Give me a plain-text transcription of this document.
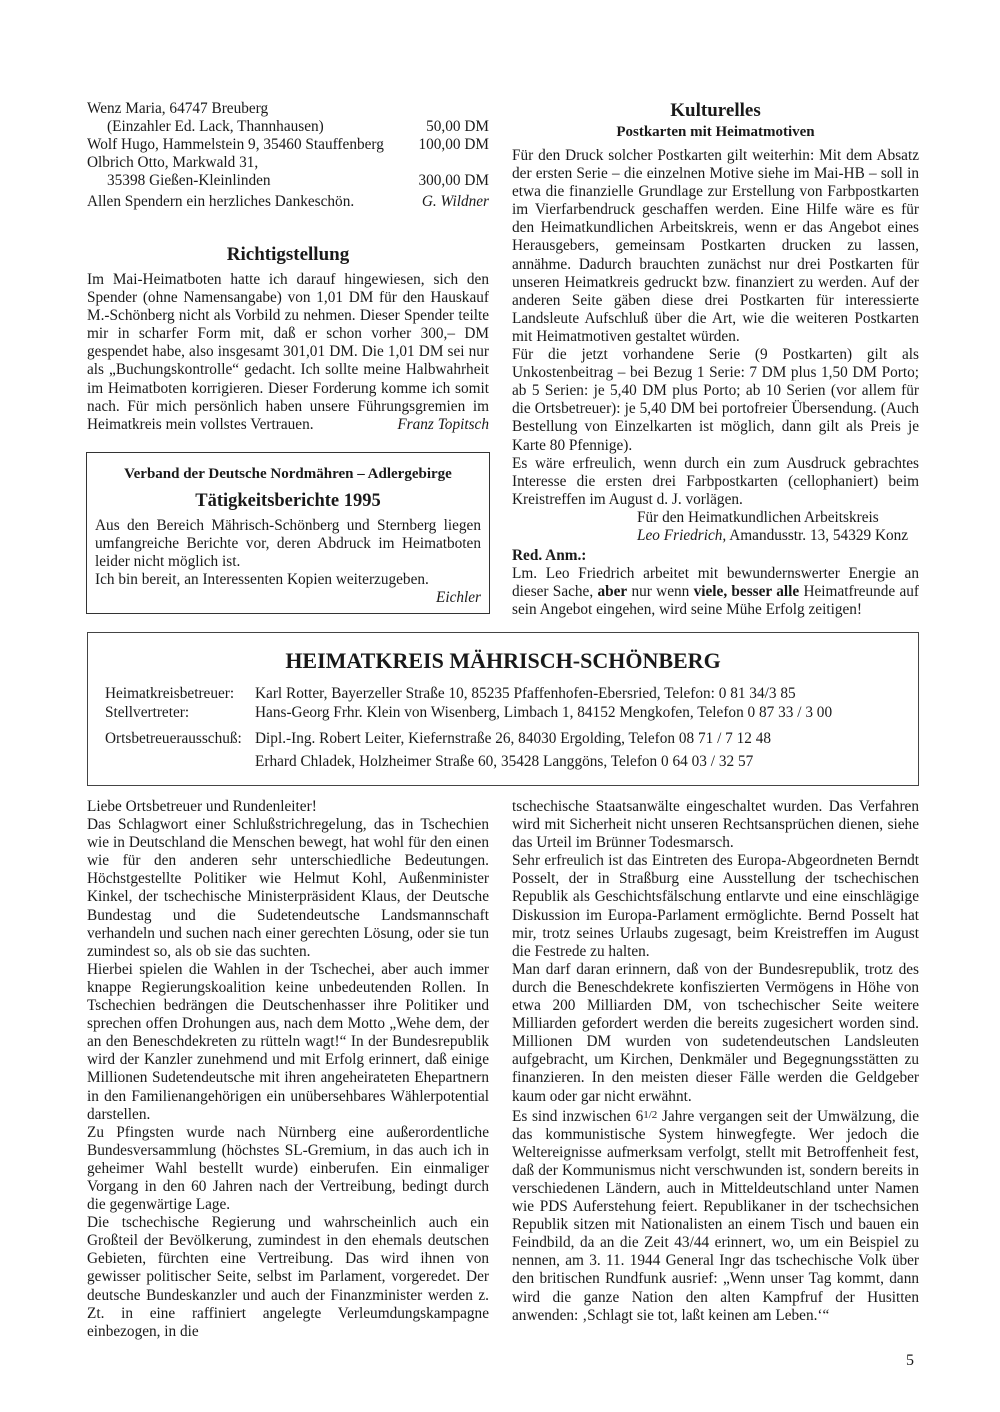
Wenz Maria, 64747 Breuberg
(Einzahler Ed. Lack, Thannhausen)	50,00 DM
Wolf Hugo, Hammelstein 9, 35460 Stauffenberg 100,00 DM
Olbrich Otto, Markwald 31,
35398 Gießen-Kleinlinden	300,00 DM
Allen Spendern ein herzliches Dankeschön.	G. Wildner
Richtigstellung
Im Mai-Heimatboten hatte ich darauf hingewiesen, sich den Spender (ohne Namensangabe) von 1,01 DM für den Hauskauf M.-Schönberg nicht als Vorbild zu nehmen. Dieser Spender teilte mir in scharfer Form mit, daß er schon vorher 300,– DM gespendet habe, also insgesamt 301,01 DM. Die 1,01 DM sei nur als „Buchungskontrolle“ gedacht. Ich sollte meine Halbwahrheit im Heimatboten korrigieren. Dieser Forderung komme ich somit nach. Für mich persönlich haben unsere Führungsgremien im Heimatkreis mein vollstes Vertrauen.	Franz Topitsch
Verband der Deutsche Nordmähren – Adlergebirge
Tätigkeitsberichte 1995

Aus den Bereich Mährisch-Schönberg und Sternberg liegen umfangreiche Berichte vor, deren Abdruck im Heimatboten leider nicht möglich ist.

Ich bin bereit, an Interessenten Kopien weiterzugeben.

Eichler

Kulturelles
Postkarten mit Heimatmotiven

Für den Druck solcher Postkarten gilt weiterhin: Mit dem Absatz der ersten Serie – die einzelnen Motive siehe im Mai-HB – soll in etwa die finanzielle Grundlage zur Erstellung von Farbpostkarten im Vierfarbendruck geschaffen werden. Eine Hilfe wäre es für den Heimatkundlichen Arbeitskreis, wenn er das Angebot eines Herausgebers, gemeinsam Postkarten drucken zu lassen, annähme. Dadurch brauchten zunächst nur drei Postkarten für unseren Heimatkreis gedruckt bzw. finanziert zu werden. Auf der anderen Seite gäben diese drei Postkarten für interessierte Landsleute Aufschluß über die Art, wie die weiteren Postkarten mit Heimatmotiven gestaltet würden.

Für die jetzt vorhandene Serie (9 Postkarten) gilt als Unkostenbeitrag – bei Bezug 1 Serie: 7 DM plus 1,50 DM Porto; ab 5 Serien: je 5,40 DM plus Porto; ab 10 Serien (vor allem für die Ortsbetreuer): je 5,40 DM bei portofreier Übersendung. (Auch Bestellung von Einzelkarten ist möglich, dann gilt als Preis je Karte 80 Pfennige).

Es wäre erfreulich, wenn durch ein zum Ausdruck gebrachtes Interesse die ersten drei Farbpostkarten (cellophaniert) beim Kreistreffen im August d. J. vorlägen.

Für den Heimatkundlichen Arbeitskreis

Leo Friedrich, Amandusstr. 13, 54329 Konz

Red. Anm.:

Lm. Leo Friedrich arbeitet mit bewundernswerter Energie an dieser Sache, aber nur wenn viele, besser alle Heimatfreunde auf sein Angebot eingehen, wird seine Mühe Erfolg zeitigen!

HEIMATKREIS MÄHRISCH-SCHÖNBERG
Heimatkreisbetreuer:	Karl Rotter, Bayerzeller Straße 10, 85235 Pfaffenhofen-Ebersried, Telefon: 0 81 34/3 85
Stellvertreter:	Hans-Georg Frhr. Klein von Wisenberg, Limbach 1, 84152 Mengkofen, Telefon 0 87 33 / 3 00
Ortsbetreuerausschuß: Dipl.-Ing. Robert Leiter, Kiefernstraße 26, 84030 Ergolding, Telefon 08 71 / 7 12 48
Erhard Chladek, Holzheimer Straße 60, 35428 Langgöns, Telefon 0 64 03 / 32 57

Liebe Ortsbetreuer und Rundenleiter!

Das Schlagwort einer Schlußstrichregelung, das in Tschechien wie in Deutschland die Menschen bewegt, hat wohl für den einen wie für den anderen sehr unterschiedliche Bedeutungen. Höchstgestellte Politiker wie Helmut Kohl, Außenminister Kinkel, der tschechische Ministerpräsident Klaus, der Deutsche Bundestag und die Sudetendeutsche Landsmannschaft verhandeln und suchen nach einer gerechten Lösung, oder sie tun zumindest so, als ob sie das suchten.

Hierbei spielen die Wahlen in der Tschechei, aber auch immer knappe Regierungskoalition keine unbedeutenden Rollen. In Tschechien bedrängen die Deutschenhasser ihre Politiker und sprechen offen Drohungen aus, nach dem Motto „Wehe dem, der an den Beneschdekreten zu rütteln wagt!“ In der Bundesrepublik wird der Kanzler zunehmend und mit Erfolg erinnert, daß einige Millionen Sudetendeutsche mit ihren angeheirateten Ehepartnern in den Familienangehörigen ein unübersehbares Wählerpotential darstellen.

Zu Pfingsten wurde nach Nürnberg eine außerordentliche Bundesversammlung (höchstes SL-Gremium, in das auch ich in geheimer Wahl bestellt wurde) einberufen. Ein einmaliger Vorgang in den 60 Jahren nach der Vertreibung, bedingt durch die gegenwärtige Lage.

Die tschechische Regierung und wahrscheinlich auch ein Großteil der Bevölkerung, zumindest in den ehemals deutschen Gebieten, fürchten eine Vertreibung. Das wird ihnen von gewisser politischer Seite, selbst im Parlament, vorgeredet. Der deutsche Bundeskanzler und auch der Finanzminister werden z. Zt. in eine raffiniert angelegte Verleumdungskampagne einbezogen, in die

tschechische Staatsanwälte eingeschaltet wurden. Das Verfahren wird mit Sicherheit nicht unseren Rechtsansprüchen dienen, siehe das Urteil im Brünner Todesmarsch.

Sehr erfreulich ist das Eintreten des Europa-Abgeordneten Berndt Posselt, der in Straßburg eine Ausstellung der tschechischen Republik als Geschichtsfälschung entlarvte und eine einschlägige Diskussion im Europa-Parlament ermöglichte. Bernd Posselt hat mir, trotz seines Urlaubs zugesagt, beim Kreistreffen im August die Festrede zu halten.

Man darf daran erinnern, daß von der Bundesrepublik, trotz des durch die Beneschdekrete konfiszierten Vermögens in Höhe von etwa 200 Milliarden DM, von tschechischer Seite weitere Milliarden gefordert werden die bereits zugesichert worden sind. Millionen DM wurden von sudetendeutschen Landsleuten aufgebracht, um Kirchen, Denkmäler und Begegnungsstätten zu finanzieren. In den meisten dieser Fälle werden die Geldgeber kaum oder gar nicht erwähnt.

Es sind inzwischen 61/2 Jahre vergangen seit der Umwälzung, die das kommunistische System hinwegfegte. Wer jedoch die Weltereignisse aufmerksam verfolgt, stellt mit Betroffenheit fest, daß der Kommunismus nicht verschwunden ist, sondern bereits in verschiedenen Ländern, auch in Mitteldeutschland unter Namen wie PDS Auferstehung feiert. Republikaner in der tschechsichen Republik sitzen mit Nationalisten an einem Tisch und bauen ein Feindbild, da an die Zeit 43/44 erinnert, wo, um ein Beispiel zu nennen, am 3. 11. 1944 General Ingr das tschechische Volk über den britischen Rundfunk ausrief: „Wenn unser Tag kommt, dann wird die ganze Nation den alten Kampfruf der Husitten anwenden: ‚Schlagt sie tot, laßt keinen am Leben.‘“

5
